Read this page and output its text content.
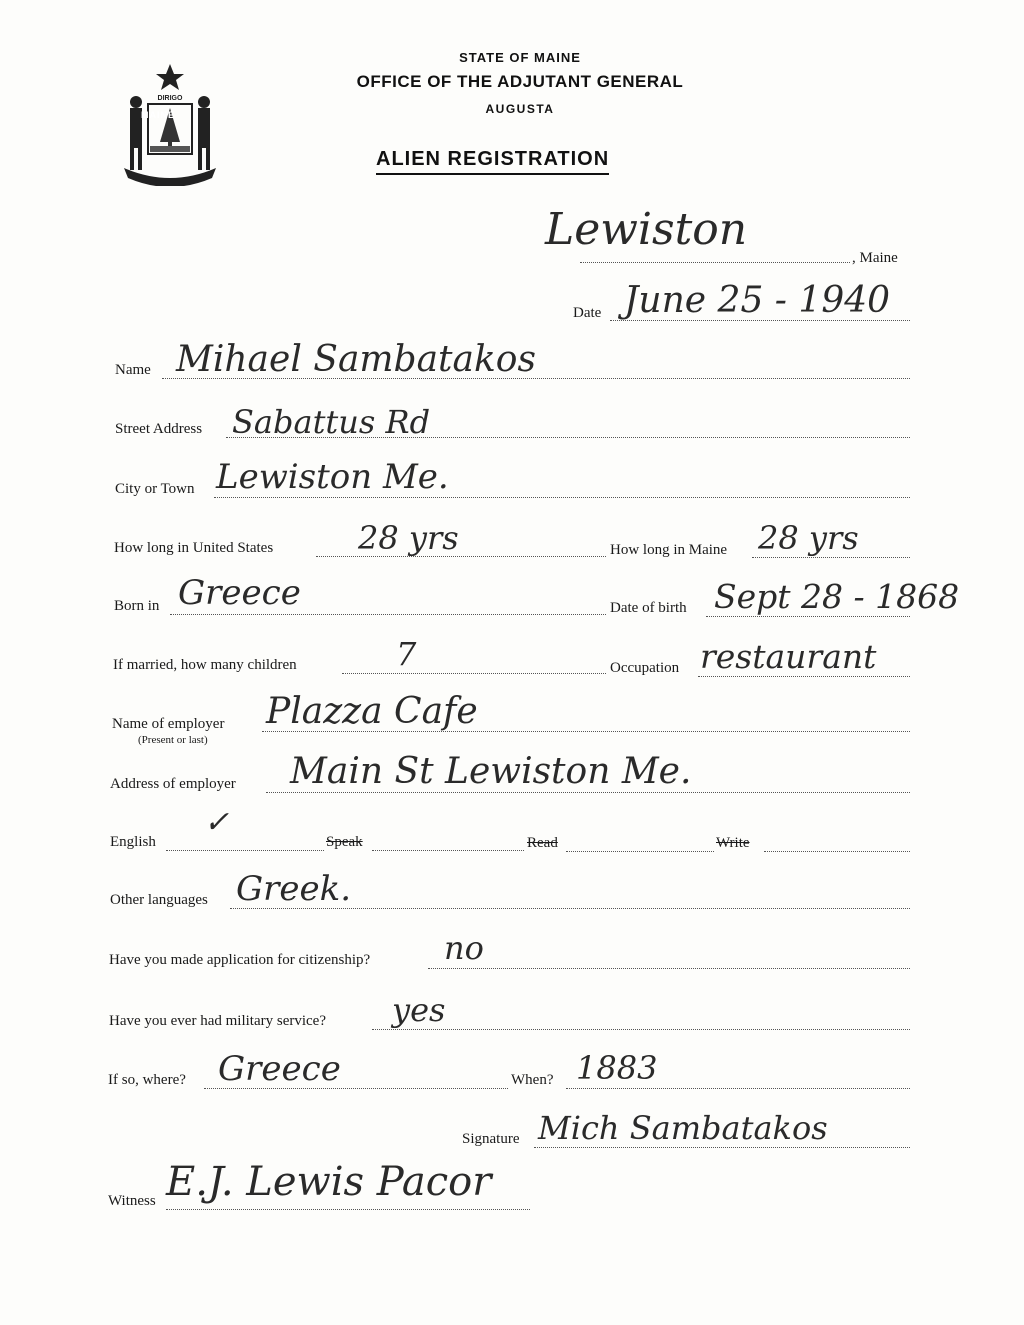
DIRIGO
MAINE
STATE OF MAINE
OFFICE OF THE ADJUTANT GENERAL
AUGUSTA
ALIEN REGISTRATION
Lewiston
, Maine
Date June 25 - 1940
Name Mihael Sambatakos
Street Address Sabattus Rd
City or Town Lewiston Me.
How long in United States	28 yrs	How long in Maine 28 yrs
Born in Greece	Date of birth Sept 28 - 1868
If married, how many children	7	Occupation restaurant
Name of employer
(Present or last)
Plazza Cafe
Address of employer Main St Lewiston Me.
English
✓
Speak	Read	Write
Other languages Greek.
Have you made application for citizenship? no
Have you ever had military service? yes
If so, where? Greece	When? 1883
Signature Mich Sambatakos
Witness E.J. Lewis Pacor
